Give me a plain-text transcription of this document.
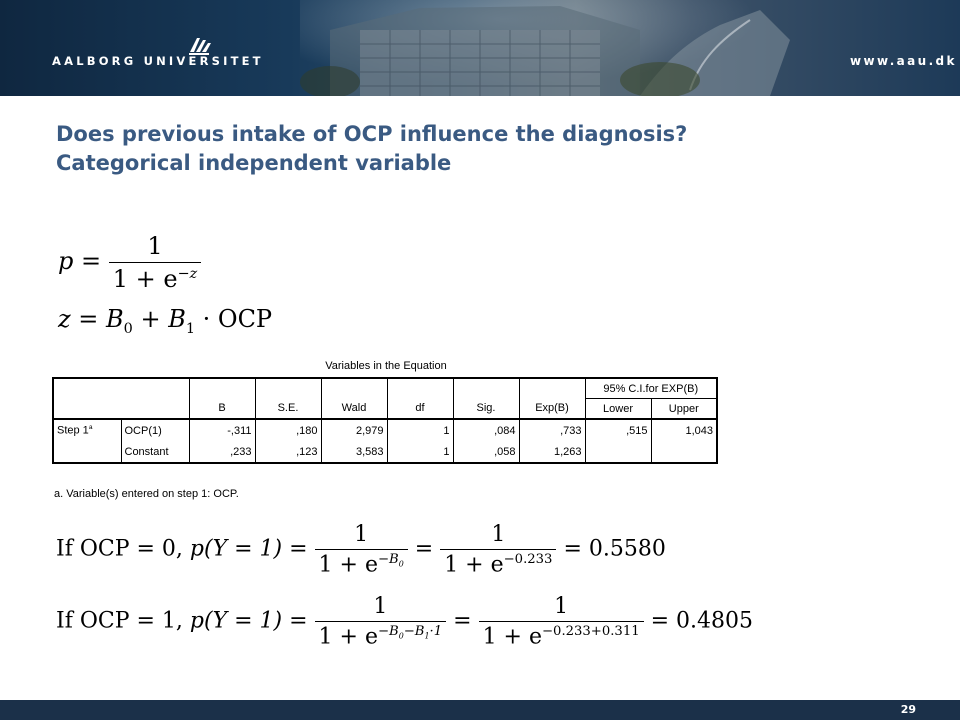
AALBORG UNIVERSITET	www.aau.dk
Does previous intake of OCP influence the diagnosis?
Categorical independent variable
$p = \frac{1}{1 + e^{-z}}$
$z = B_0 + B_1$ · OCP
Variables in the Equation
		B	S.E.	Wald	df	Sig.	Exp(B)	95% C.I.for EXP(B)	
								Lower	Upper
Step 1$^a$	OCP(1)	-,311	,180	2,979	1	,084	,733	,515	1,043
	Constant	,233	,123	3,583	1	,058	1,263		
a. Variable(s) entered on step 1: OCP.
If OCP = 0, $p(Y = 1) = \frac{1}{1 + e^{-B_0}} = \frac{1}{1 + e^{-0.233}} = 0.5580$
If OCP = 1, $p(Y = 1) = \frac{1}{1 + e^{-B_0-B_1\cdot 1}} = \frac{1}{1 + e^{-0.233+0.311}} = 0.4805$
29
